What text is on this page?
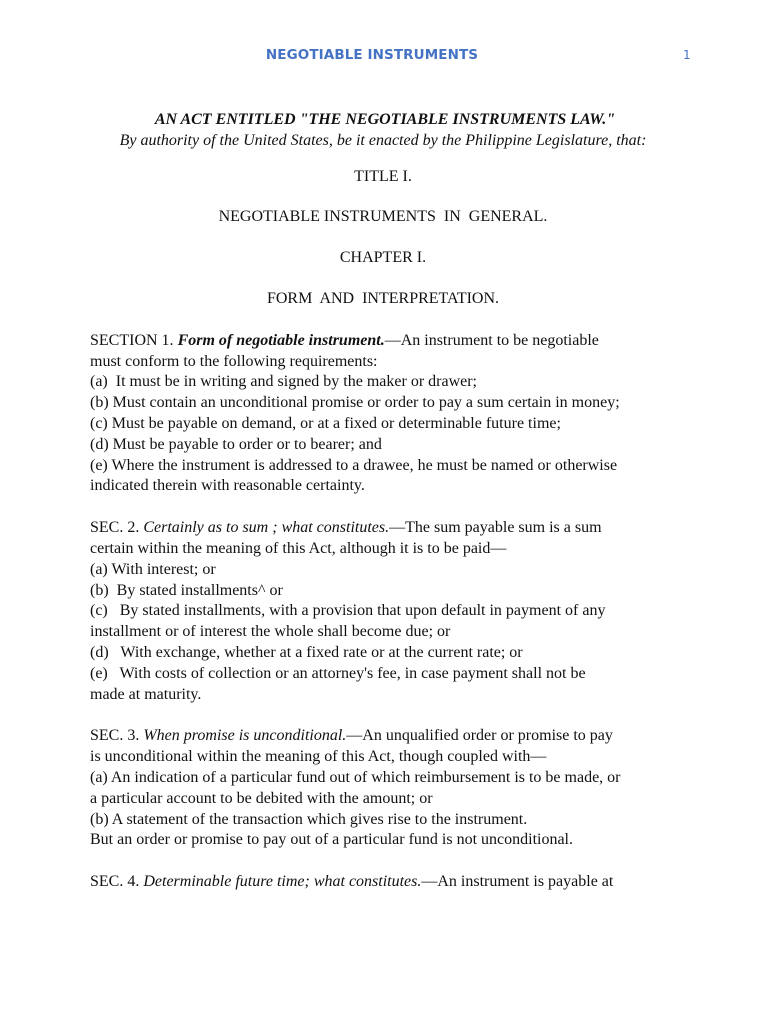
NEGOTIABLE INSTRUMENTS	1

AN ACT ENTITLED "THE NEGOTIABLE INSTRUMENTS LAW."

By authority of the United States, be it enacted by the Philippine Legislature, that:

TITLE I.

NEGOTIABLE INSTRUMENTS  IN  GENERAL.

CHAPTER I.

FORM  AND  INTERPRETATION.

SECTION 1. Form of negotiable instrument.—An instrument to be negotiable

must conform to the following requirements:

(a)  It must be in writing and signed by the maker or drawer;

(b) Must contain an unconditional promise or order to pay a sum certain in money;

(c) Must be payable on demand, or at a fixed or determinable future time;

(d) Must be payable to order or to bearer; and

(e) Where the instrument is addressed to a drawee, he must be named or otherwise

indicated therein with reasonable certainty.

SEC. 2. Certainly as to sum ; what constitutes.—The sum payable sum is a sum

certain within the meaning of this Act, although it is to be paid—

(a) With interest; or

(b)  By stated installments^ or

(c)   By stated installments, with a provision that upon default in payment of any

installment or of interest the whole shall become due; or

(d)   With exchange, whether at a fixed rate or at the current rate; or

(e)   With costs of collection or an attorney's fee, in case payment shall not be

made at maturity.

SEC. 3. When promise is unconditional.—An unqualified order or promise to pay

is unconditional within the meaning of this Act, though coupled with—

(a) An indication of a particular fund out of which reimbursement is to be made, or

a particular account to be debited with the amount; or

(b) A statement of the transaction which gives rise to the instrument.

But an order or promise to pay out of a particular fund is not unconditional.

SEC. 4. Determinable future time; what constitutes.—An instrument is payable at
